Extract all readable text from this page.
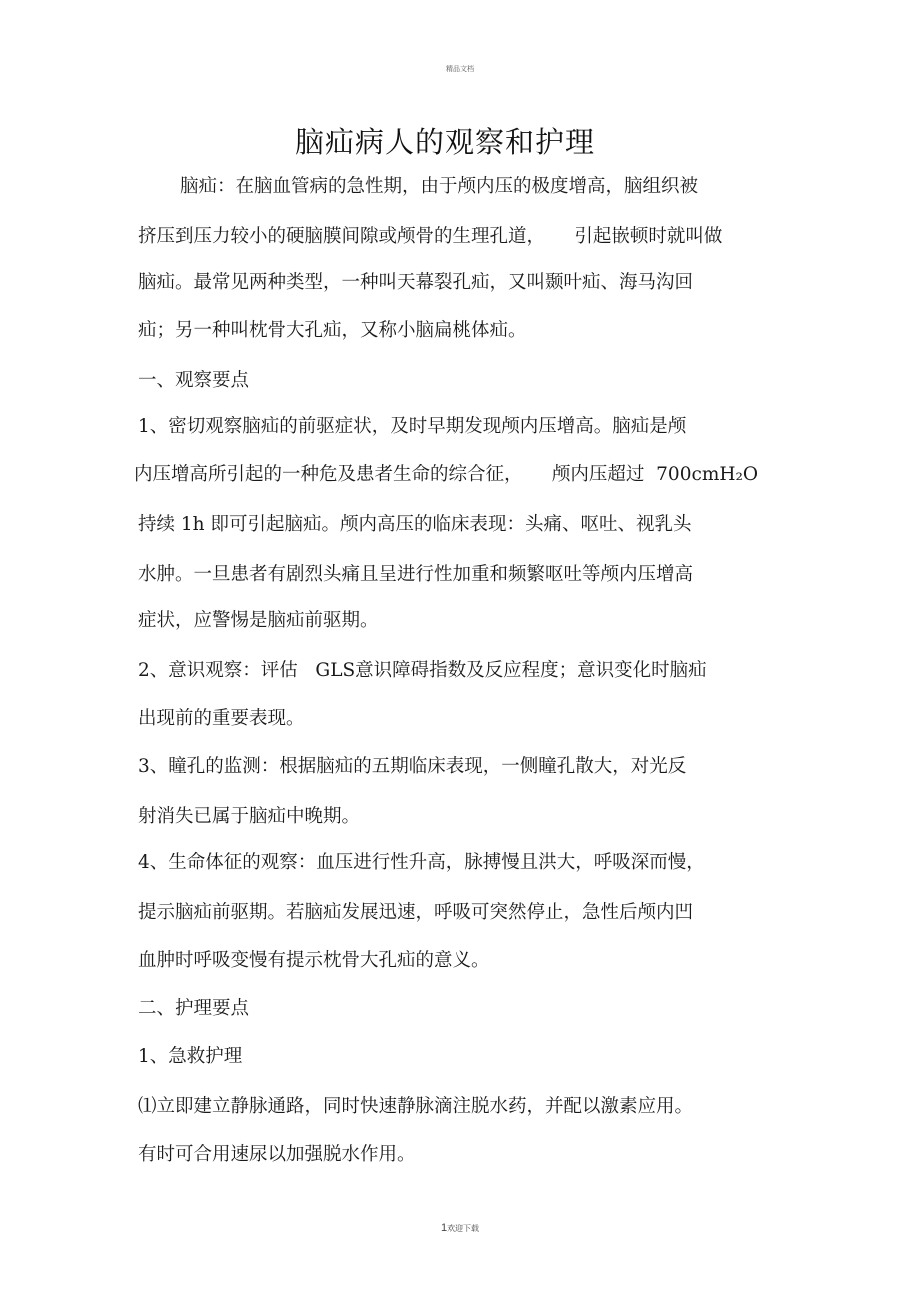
精品文档
脑疝病人的观察和护理
脑疝：在脑血管病的急性期，由于颅内压的极度增高，脑组织被
挤压到压力较小的硬脑膜间隙或颅骨的生理孔道，     引起嵌顿时就叫做
脑疝。最常见两种类型，一种叫天幕裂孔疝，又叫颞叶疝、海马沟回
疝；另一种叫枕骨大孔疝，又称小脑扁桃体疝。
一、观察要点
1、密切观察脑疝的前驱症状，及时早期发现颅内压增高。脑疝是颅
内压增高所引起的一种危及患者生命的综合征，     颅内压超过  700cmH₂O
持续 1h 即可引起脑疝。颅内高压的临床表现：头痛、呕吐、视乳头
水肿。一旦患者有剧烈头痛且呈进行性加重和频繁呕吐等颅内压增高
症状，应警惕是脑疝前驱期。
2、意识观察：评估   GLS意识障碍指数及反应程度；意识变化时脑疝
出现前的重要表现。
3、瞳孔的监测：根据脑疝的五期临床表现，一侧瞳孔散大，对光反
射消失已属于脑疝中晚期。
4、生命体征的观察：血压进行性升高，脉搏慢且洪大，呼吸深而慢，
提示脑疝前驱期。若脑疝发展迅速，呼吸可突然停止，急性后颅内凹
血肿时呼吸变慢有提示枕骨大孔疝的意义。
二、护理要点
1、急救护理
⑴立即建立静脉通路，同时快速静脉滴注脱水药，并配以激素应用。
有时可合用速尿以加强脱水作用。
1欢迎下载
